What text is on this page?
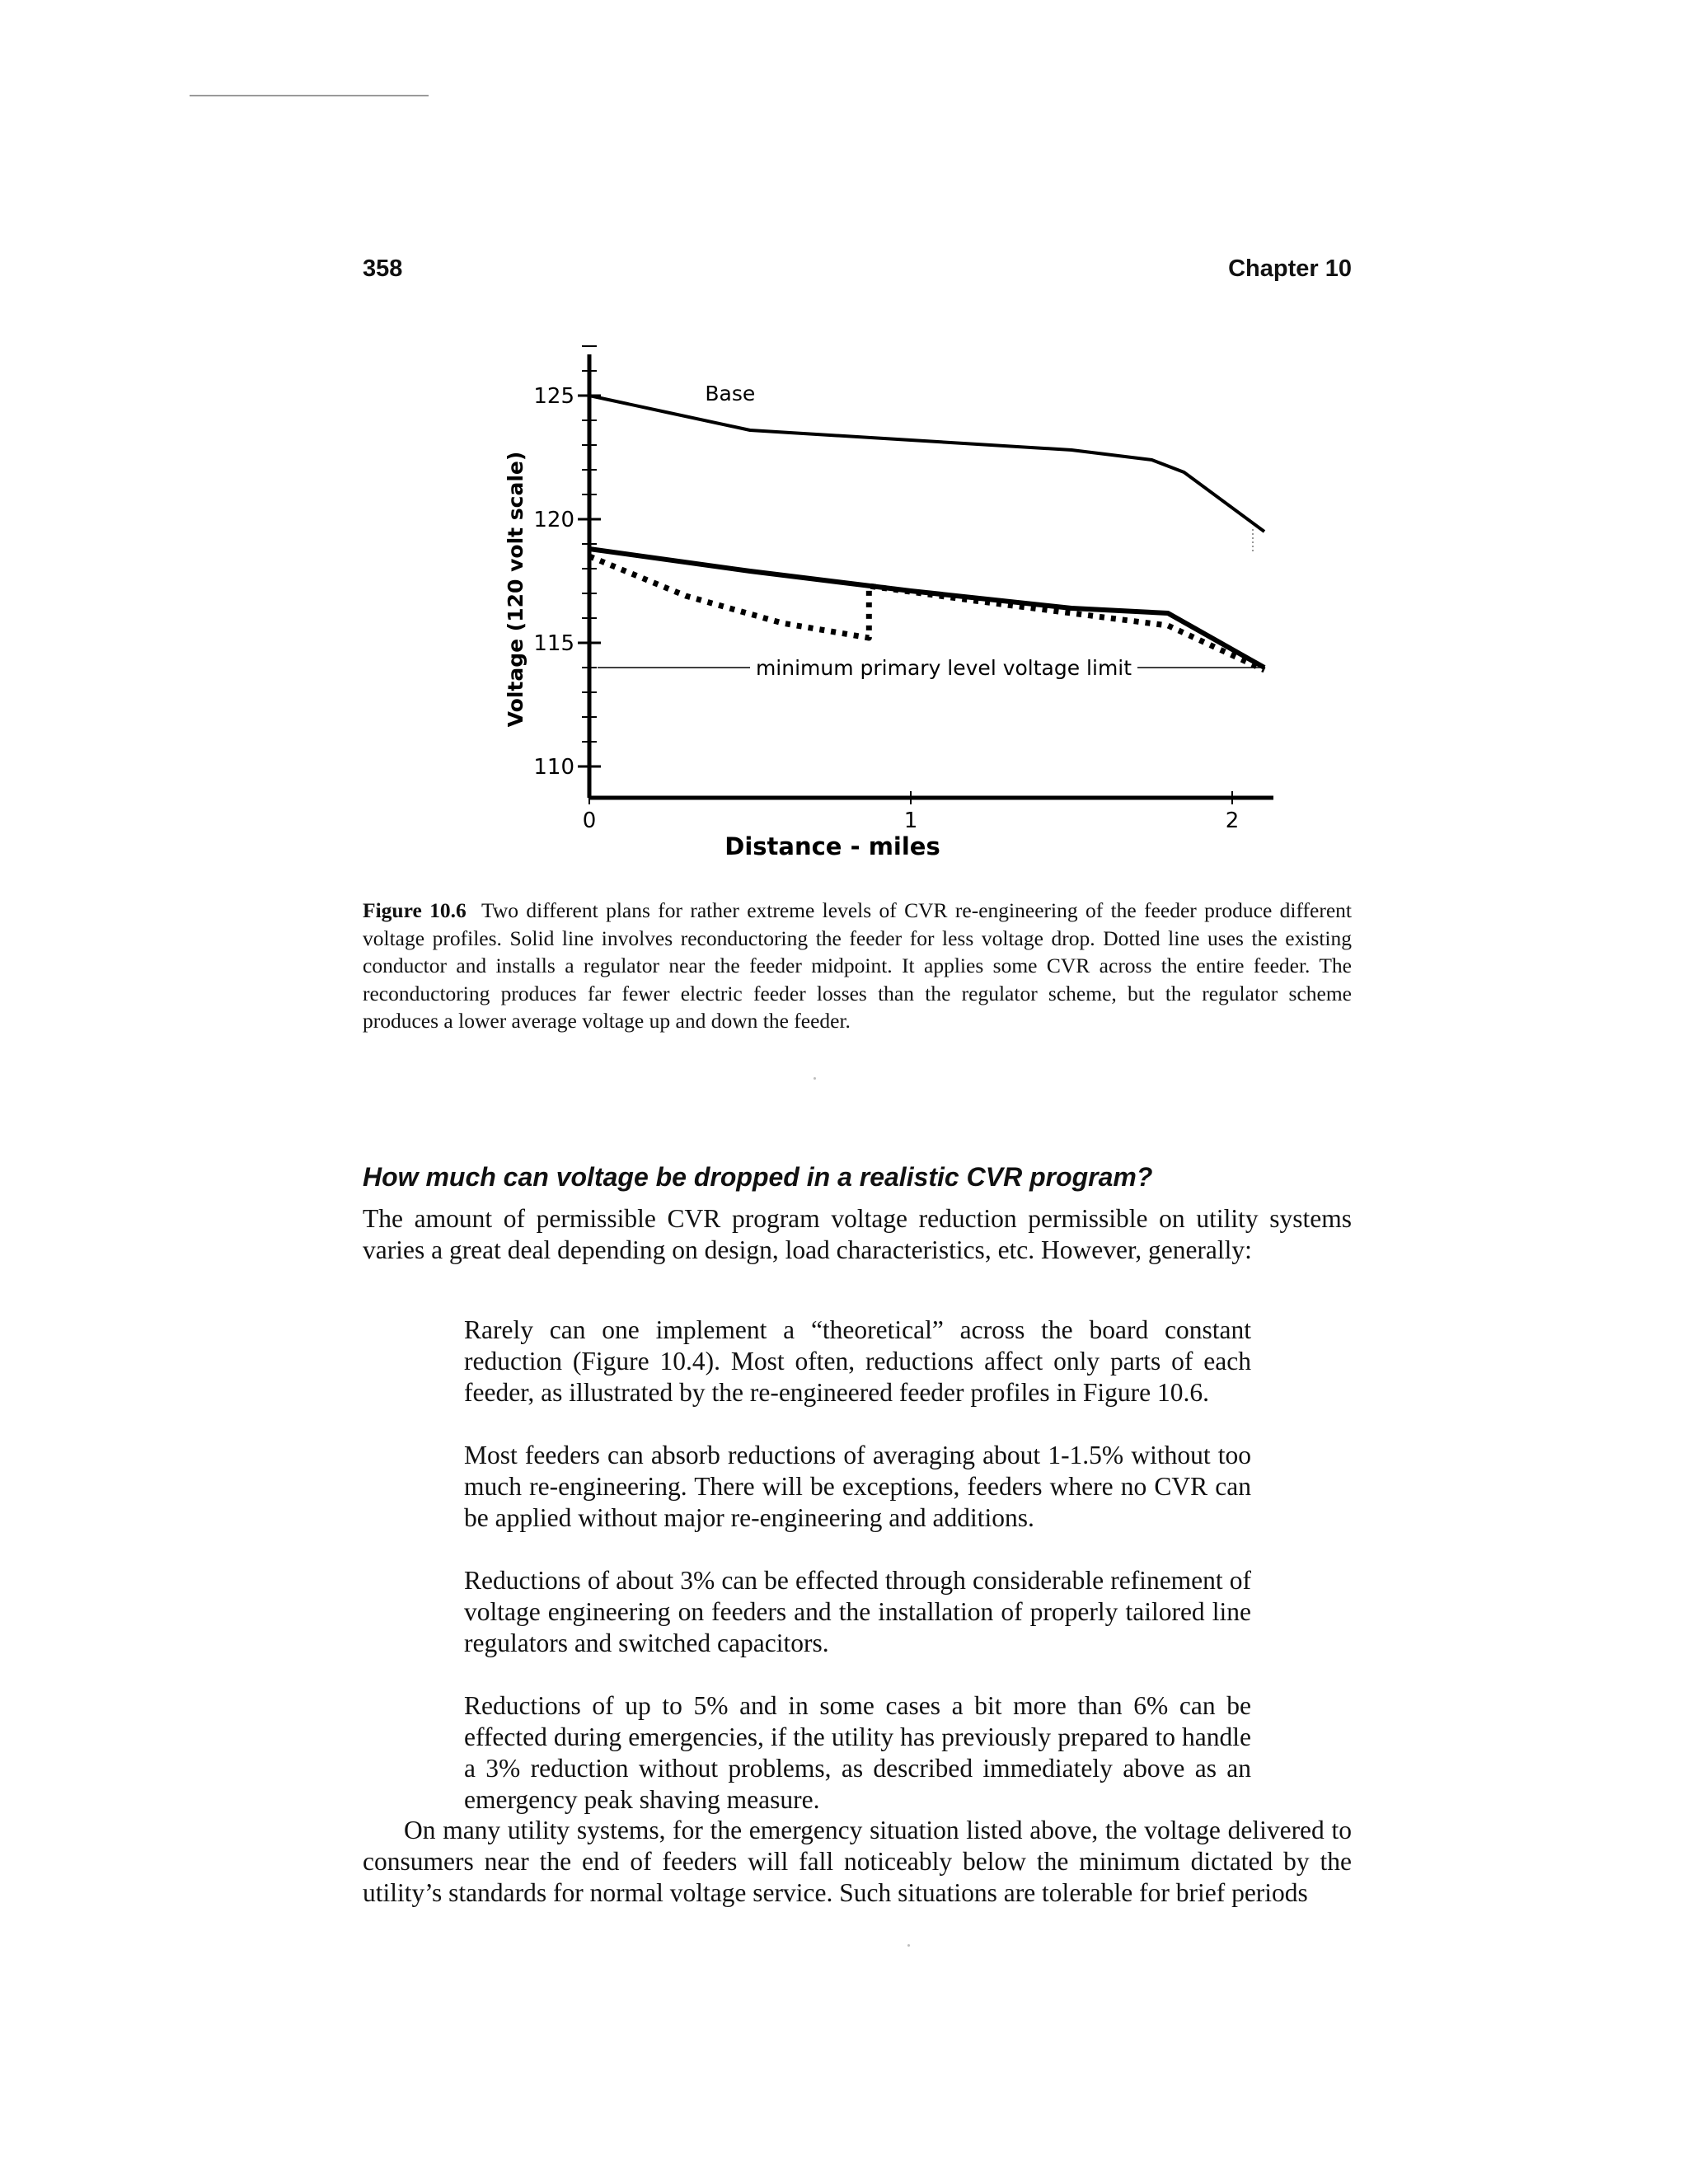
358	Chapter 10
Voltage (120 volt scale)
Distance - miles
110
115
120
125
0	1	2
minimum primary level voltage limit
Base
Figure 10.6 Two different plans for rather extreme levels of CVR re-engineering of the feeder produce different voltage profiles. Solid line involves reconductoring the feeder for less voltage drop. Dotted line uses the existing conductor and installs a regulator near the feeder midpoint. It applies some CVR across the entire feeder. The reconductoring produces far fewer electric feeder losses than the regulator scheme, but the regulator scheme produces a lower average voltage up and down the feeder.
How much can voltage be dropped in a realistic CVR program?

The amount of permissible CVR program voltage reduction permissible on utility systems varies a great deal depending on design, load characteristics, etc. However, generally:

Rarely can one implement a “theoretical” across the board constant reduction (Figure 10.4). Most often, reductions affect only parts of each feeder, as illustrated by the re-engineered feeder profiles in Figure 10.6.

Most feeders can absorb reductions of averaging about 1-1.5% without too much re-engineering. There will be exceptions, feeders where no CVR can be applied without major re-engineering and additions.

Reductions of about 3% can be effected through considerable refinement of voltage engineering on feeders and the installation of properly tailored line regulators and switched capacitors.

Reductions of up to 5% and in some cases a bit more than 6% can be effected during emergencies, if the utility has previously prepared to handle a 3% reduction without problems, as described immediately above as an emergency peak shaving measure.

On many utility systems, for the emergency situation listed above, the voltage delivered to consumers near the end of feeders will fall noticeably below the minimum dictated by the utility’s standards for normal voltage service. Such situations are tolerable for brief periods
